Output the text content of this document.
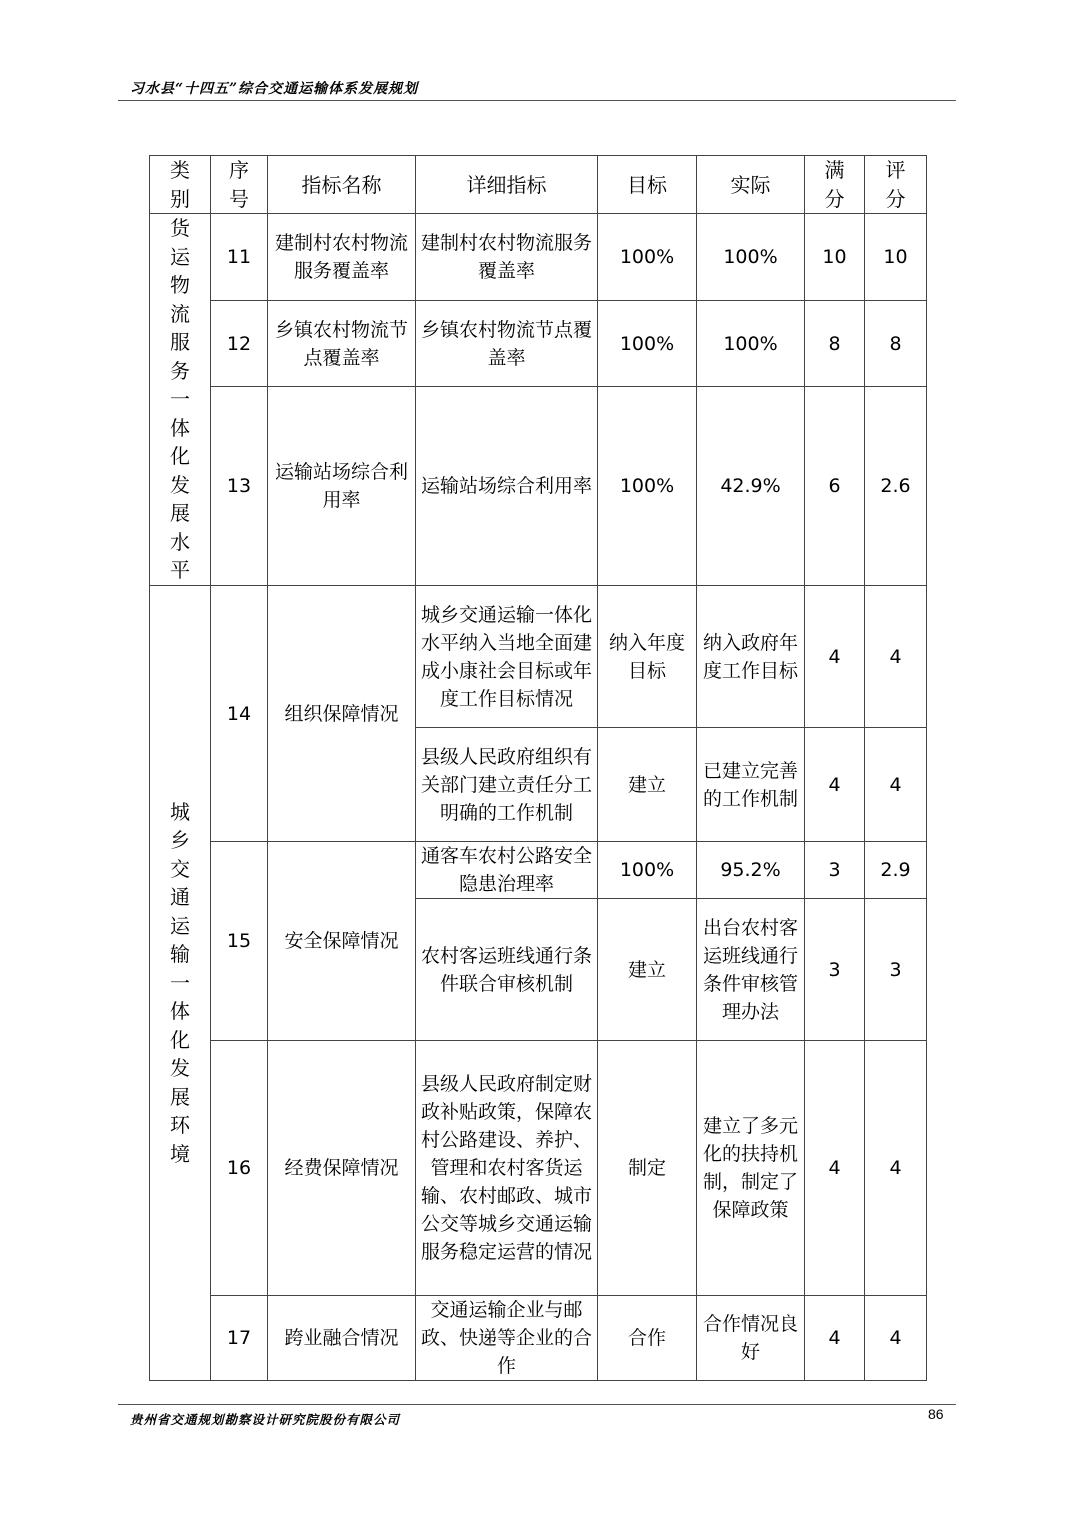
习水县“十四五”综合交通运输体系发展规划
类别	序号	指标名称	详细指标	目标	实际	满分	评分
货运物流服务一体化发展水平	11	建制村农村物流服务覆盖率	建制村农村物流服务覆盖率	100%	100%	10	10
	12	乡镇农村物流节点覆盖率	乡镇农村物流节点覆盖率	100%	100%	8	8
	13	运输站场综合利用率	运输站场综合利用率	100%	42.9%	6	2.6
城乡交通运输一体化发展环境	14	组织保障情况	城乡交通运输一体化水平纳入当地全面建成小康社会目标或年度工作目标情况	纳入年度目标	纳入政府年度工作目标	4	4
			县级人民政府组织有关部门建立责任分工明确的工作机制	建立	已建立完善的工作机制	4	4
	15	安全保障情况	通客车农村公路安全隐患治理率	100%	95.2%	3	2.9
			农村客运班线通行条件联合审核机制	建立	出台农村客运班线通行条件审核管理办法	3	3
	16	经费保障情况	县级人民政府制定财政补贴政策，保障农村公路建设、养护、管理和农村客货运输、农村邮政、城市公交等城乡交通运输服务稳定运营的情况	制定	建立了多元化的扶持机制，制定了保障政策	4	4
	17	跨业融合情况	交通运输企业与邮政、快递等企业的合作	合作	合作情况良好	4	4
贵州省交通规划勘察设计研究院股份有限公司	86
